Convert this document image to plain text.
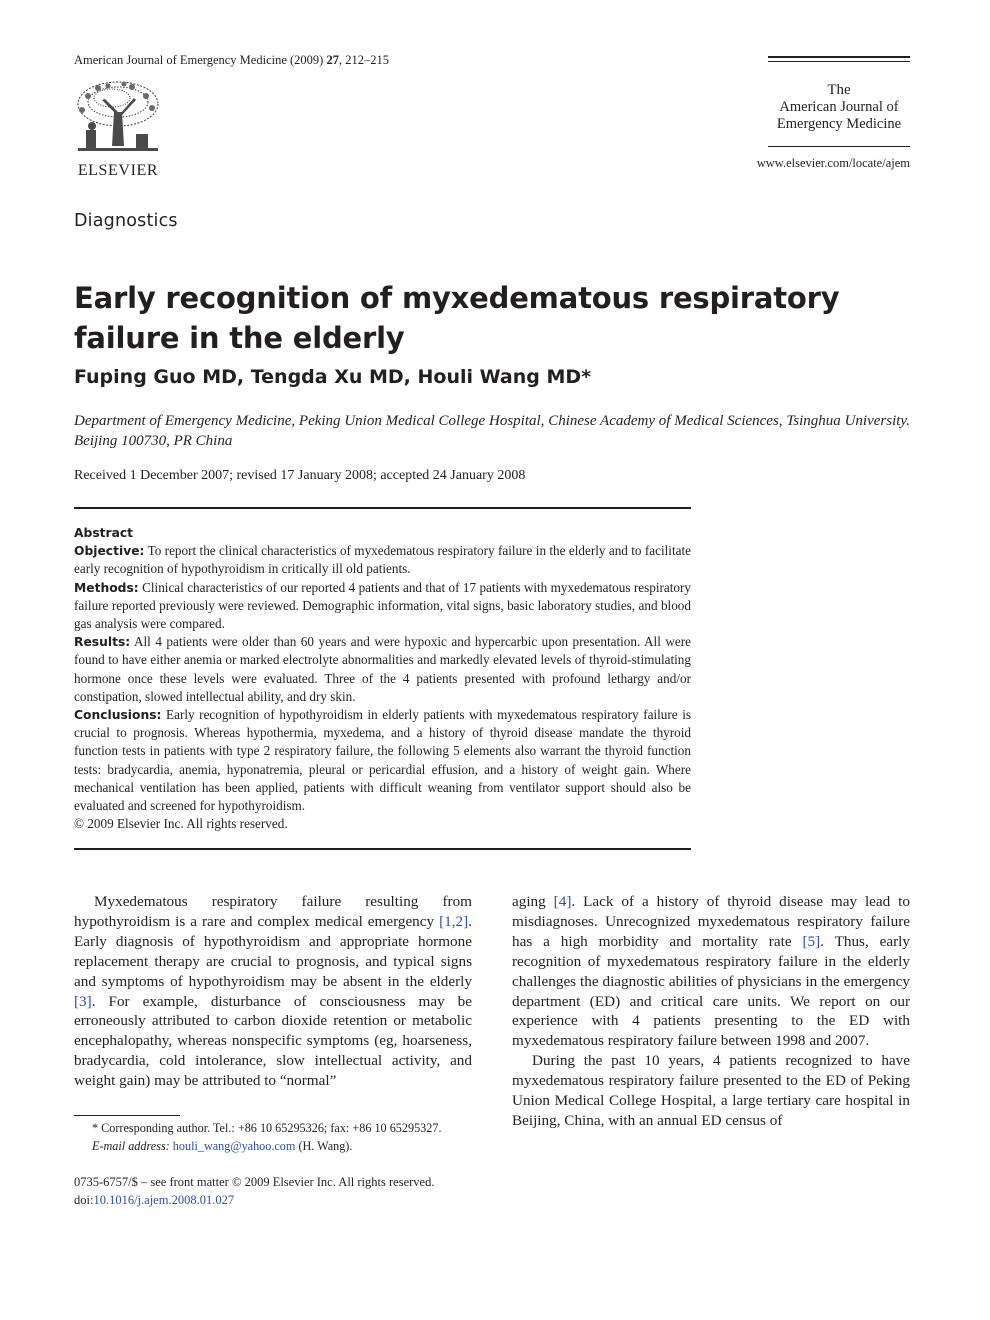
American Journal of Emergency Medicine (2009) 27, 212–215
ELSEVIER
The
American Journal of
Emergency Medicine
www.elsevier.com/locate/ajem
Diagnostics
Early recognition of myxedematous respiratory failure in the elderly
Fuping Guo MD, Tengda Xu MD, Houli Wang MD*
Department of Emergency Medicine, Peking Union Medical College Hospital, Chinese Academy of Medical Sciences, Tsinghua University. Beijing 100730, PR China
Received 1 December 2007; revised 17 January 2008; accepted 24 January 2008

Abstract

Objective: To report the clinical characteristics of myxedematous respiratory failure in the elderly and to facilitate early recognition of hypothyroidism in critically ill old patients.

Methods: Clinical characteristics of our reported 4 patients and that of 17 patients with myxedematous respiratory failure reported previously were reviewed. Demographic information, vital signs, basic laboratory studies, and blood gas analysis were compared.

Results: All 4 patients were older than 60 years and were hypoxic and hypercarbic upon presentation. All were found to have either anemia or marked electrolyte abnormalities and markedly elevated levels of thyroid-stimulating hormone once these levels were evaluated. Three of the 4 patients presented with profound lethargy and/or constipation, slowed intellectual ability, and dry skin.

Conclusions: Early recognition of hypothyroidism in elderly patients with myxedematous respiratory failure is crucial to prognosis. Whereas hypothermia, myxedema, and a history of thyroid disease mandate the thyroid function tests in patients with type 2 respiratory failure, the following 5 elements also warrant the thyroid function tests: bradycardia, anemia, hyponatremia, pleural or pericardial effusion, and a history of weight gain. Where mechanical ventilation has been applied, patients with difficult weaning from ventilator support should also be evaluated and screened for hypothyroidism.

© 2009 Elsevier Inc. All rights reserved.

Myxedematous respiratory failure resulting from hypothyroidism is a rare and complex medical emergency [1,2]. Early diagnosis of hypothyroidism and appropriate hormone replacement therapy are crucial to prognosis, and typical signs and symptoms of hypothyroidism may be absent in the elderly [3]. For example, disturbance of consciousness may be erroneously attributed to carbon dioxide retention or metabolic encephalopathy, whereas nonspecific symptoms (eg, hoarseness, bradycardia, cold intolerance, slow intellectual activity, and weight gain) may be attributed to “normal”

aging [4]. Lack of a history of thyroid disease may lead to misdiagnoses. Unrecognized myxedematous respiratory failure has a high morbidity and mortality rate [5]. Thus, early recognition of myxedematous respiratory failure in the elderly challenges the diagnostic abilities of physicians in the emergency department (ED) and critical care units. We report on our experience with 4 patients presenting to the ED with myxedematous respiratory failure between 1998 and 2007.

During the past 10 years, 4 patients recognized to have myxedematous respiratory failure presented to the ED of Peking Union Medical College Hospital, a large tertiary care hospital in Beijing, China, with an annual ED census of

* Corresponding author. Tel.: +86 10 65295326; fax: +86 10 65295327.
E-mail address: houli_wang@yahoo.com (H. Wang).
0735-6757/$ – see front matter © 2009 Elsevier Inc. All rights reserved.
doi:10.1016/j.ajem.2008.01.027
